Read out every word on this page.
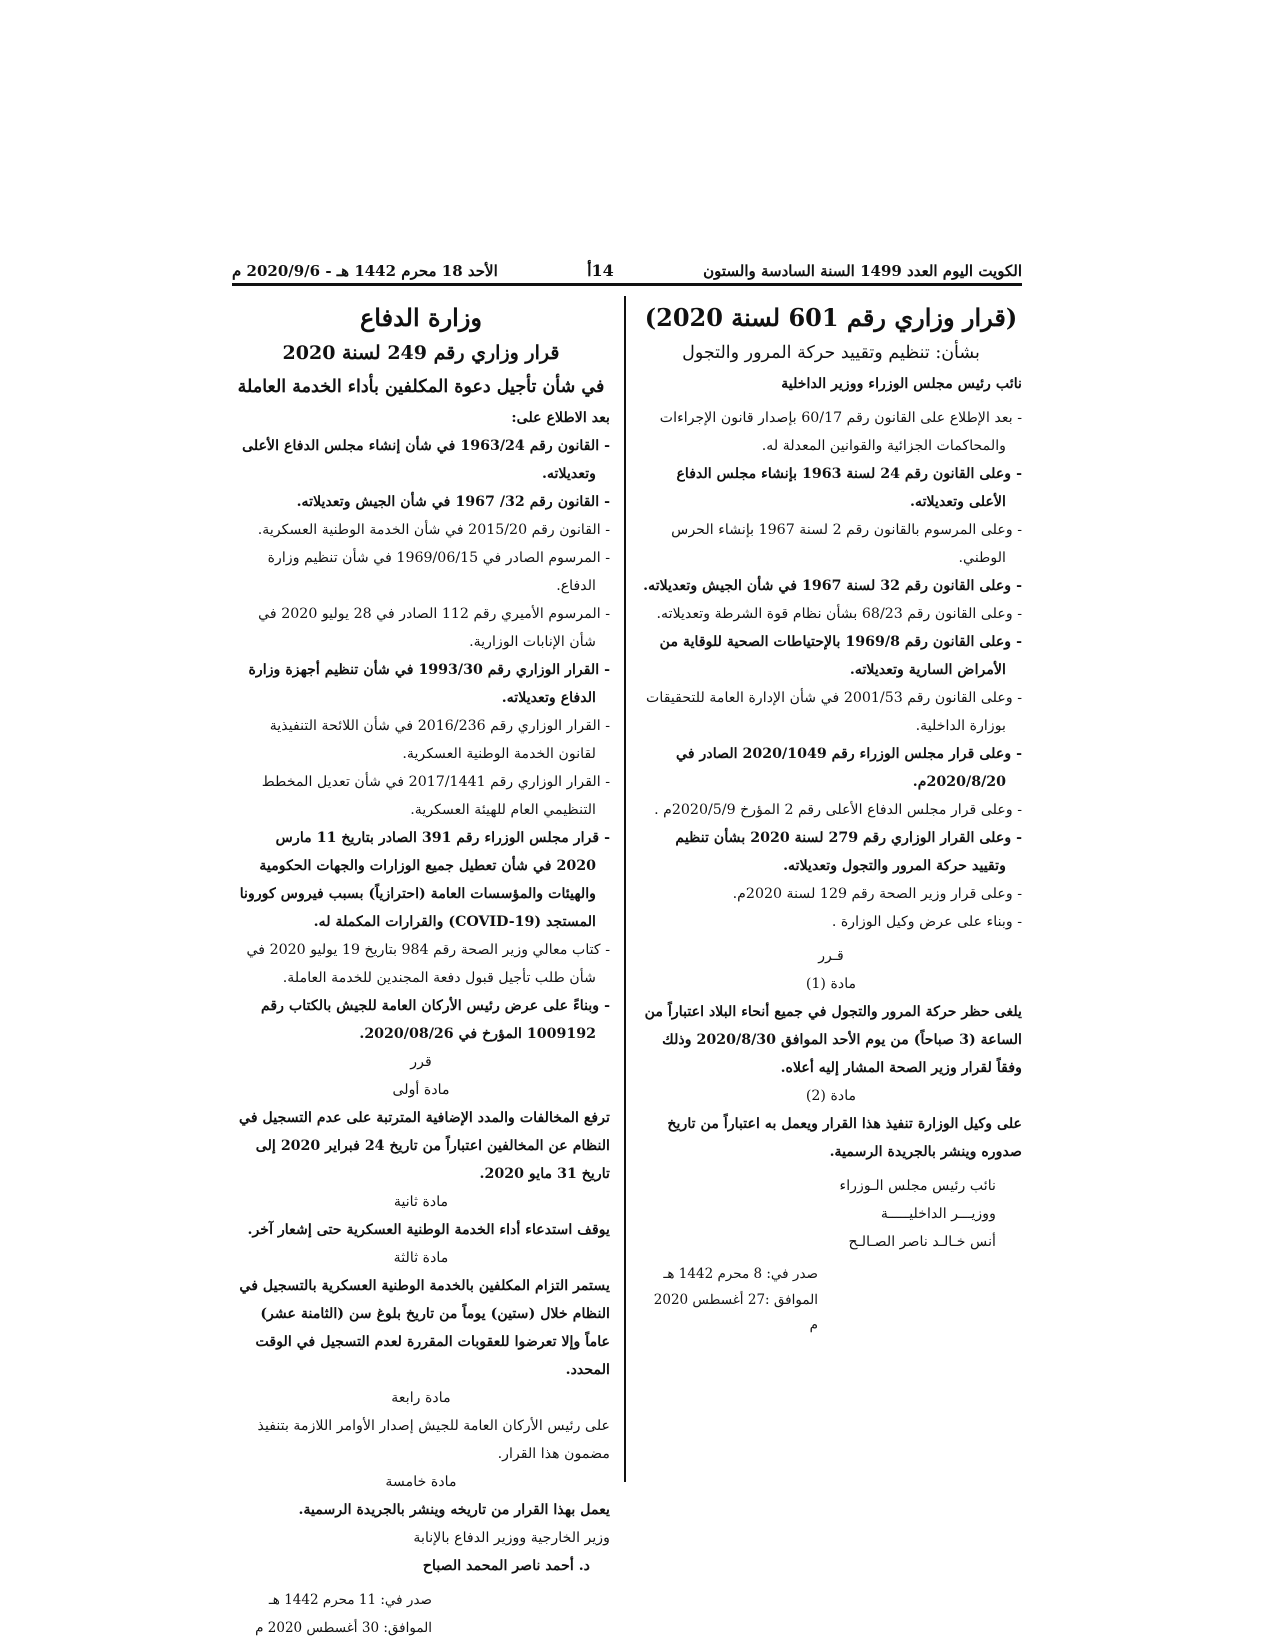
الكويت اليوم العدد 1499 السنة السادسة والستون
14أ
الأحد 18 محرم 1442 هـ - 2020/9/6 م

(قرار وزاري رقم 601 لسنة 2020)

بشأن: تنظيم وتقييد حركة المرور والتجول

نائب رئيس مجلس الوزراء ووزير الداخلية

- بعد الإطلاع على القانون رقم 60/17 بإصدار قانون الإجراءات والمحاكمات الجزائية والقوانين المعدلة له.

- وعلى القانون رقم 24 لسنة 1963 بإنشاء مجلس الدفاع الأعلى وتعديلاته.

- وعلى المرسوم بالقانون رقم 2 لسنة 1967 بإنشاء الحرس الوطني.

- وعلى القانون رقم 32 لسنة 1967 في شأن الجيش وتعديلاته.

- وعلى القانون رقم 68/23 بشأن نظام قوة الشرطة وتعديلاته.

- وعلى القانون رقم 1969/8 بالإحتياطات الصحية للوقاية من الأمراض السارية وتعديلاته.

- وعلى القانون رقم 2001/53 في شأن الإدارة العامة للتحقيقات بوزارة الداخلية.

- وعلى قرار مجلس الوزراء رقم 2020/1049 الصادر في 2020/8/20م.

- وعلى قرار مجلس الدفاع الأعلى رقم 2 المؤرخ 2020/5/9م .

- وعلى القرار الوزاري رقم 279 لسنة 2020 بشأن تنظيم وتقييد حركة المرور والتجول وتعديلاته.

- وعلى قرار وزير الصحة رقم 129 لسنة 2020م.

- وبناء على عرض وكيل الوزارة .

قـرر

مادة (1)

يلغى حظر حركة المرور والتجول في جميع أنحاء البلاد اعتباراً من الساعة (3 صباحاً) من يوم الأحد الموافق 2020/8/30 وذلك وفقاً لقرار وزير الصحة المشار إليه أعلاه.

مادة (2)

على وكيل الوزارة تنفيذ هذا القرار ويعمل به اعتباراً من تاريخ صدوره وينشر بالجريدة الرسمية.

نائب رئيس مجلس الـوزراء

ووزيـــر الداخليـــــة

أنس خـالـد ناصر الصـالـح

صدر في: 8 محرم 1442 هـ

الموافق :27 أغسطس 2020 م

وزارة الدفاع

قرار وزاري رقم 249 لسنة 2020

في شأن تأجيل دعوة المكلفين بأداء الخدمة العاملة

بعد الاطلاع على:

- القانون رقم 1963/24 في شأن إنشاء مجلس الدفاع الأعلى وتعديلاته.

- القانون رقم 32/ 1967 في شأن الجيش وتعديلاته.

- القانون رقم 2015/20 في شأن الخدمة الوطنية العسكرية.

- المرسوم الصادر في 1969/06/15 في شأن تنظيم وزارة الدفاع.

- المرسوم الأميري رقم 112 الصادر في 28 يوليو 2020 في شأن الإنابات الوزارية.

- القرار الوزاري رقم 1993/30 في شأن تنظيم أجهزة وزارة الدفاع وتعديلاته.

- القرار الوزاري رقم 2016/236 في شأن اللائحة التنفيذية لقانون الخدمة الوطنية العسكرية.

- القرار الوزاري رقم 2017/1441 في شأن تعديل المخطط التنظيمي العام للهيئة العسكرية.

- قرار مجلس الوزراء رقم 391 الصادر بتاريخ 11 مارس 2020 في شأن تعطيل جميع الوزارات والجهات الحكومية والهيئات والمؤسسات العامة (احترازياً) بسبب فيروس كورونا المستجد (COVID-19) والقرارات المكملة له.

- كتاب معالي وزير الصحة رقم 984 بتاريخ 19 يوليو 2020 في شأن طلب تأجيل قبول دفعة المجندين للخدمة العاملة.

- وبناءً على عرض رئيس الأركان العامة للجيش بالكتاب رقم 1009192 المؤرخ في 2020/08/26.

قرر

مادة أولى

ترفع المخالفات والمدد الإضافية المترتبة على عدم التسجيل في النظام عن المخالفين اعتباراً من تاريخ 24 فبراير 2020 إلى تاريخ 31 مايو 2020.

مادة ثانية

يوقف استدعاء أداء الخدمة الوطنية العسكرية حتى إشعار آخر.

مادة ثالثة

يستمر التزام المكلفين بالخدمة الوطنية العسكرية بالتسجيل في النظام خلال (ستين) يوماً من تاريخ بلوغ سن (الثامنة عشر) عاماً وإلا تعرضوا للعقوبات المقررة لعدم التسجيل في الوقت المحدد.

مادة رابعة

على رئيس الأركان العامة للجيش إصدار الأوامر اللازمة بتنفيذ مضمون هذا القرار.

مادة خامسة

يعمل بهذا القرار من تاريخه وينشر بالجريدة الرسمية.

وزير الخارجية ووزير الدفاع بالإنابة

د. أحمد ناصر المحمد الصباح

صدر في: 11 محرم 1442 هـ

الموافق: 30 أغسطس 2020 م
